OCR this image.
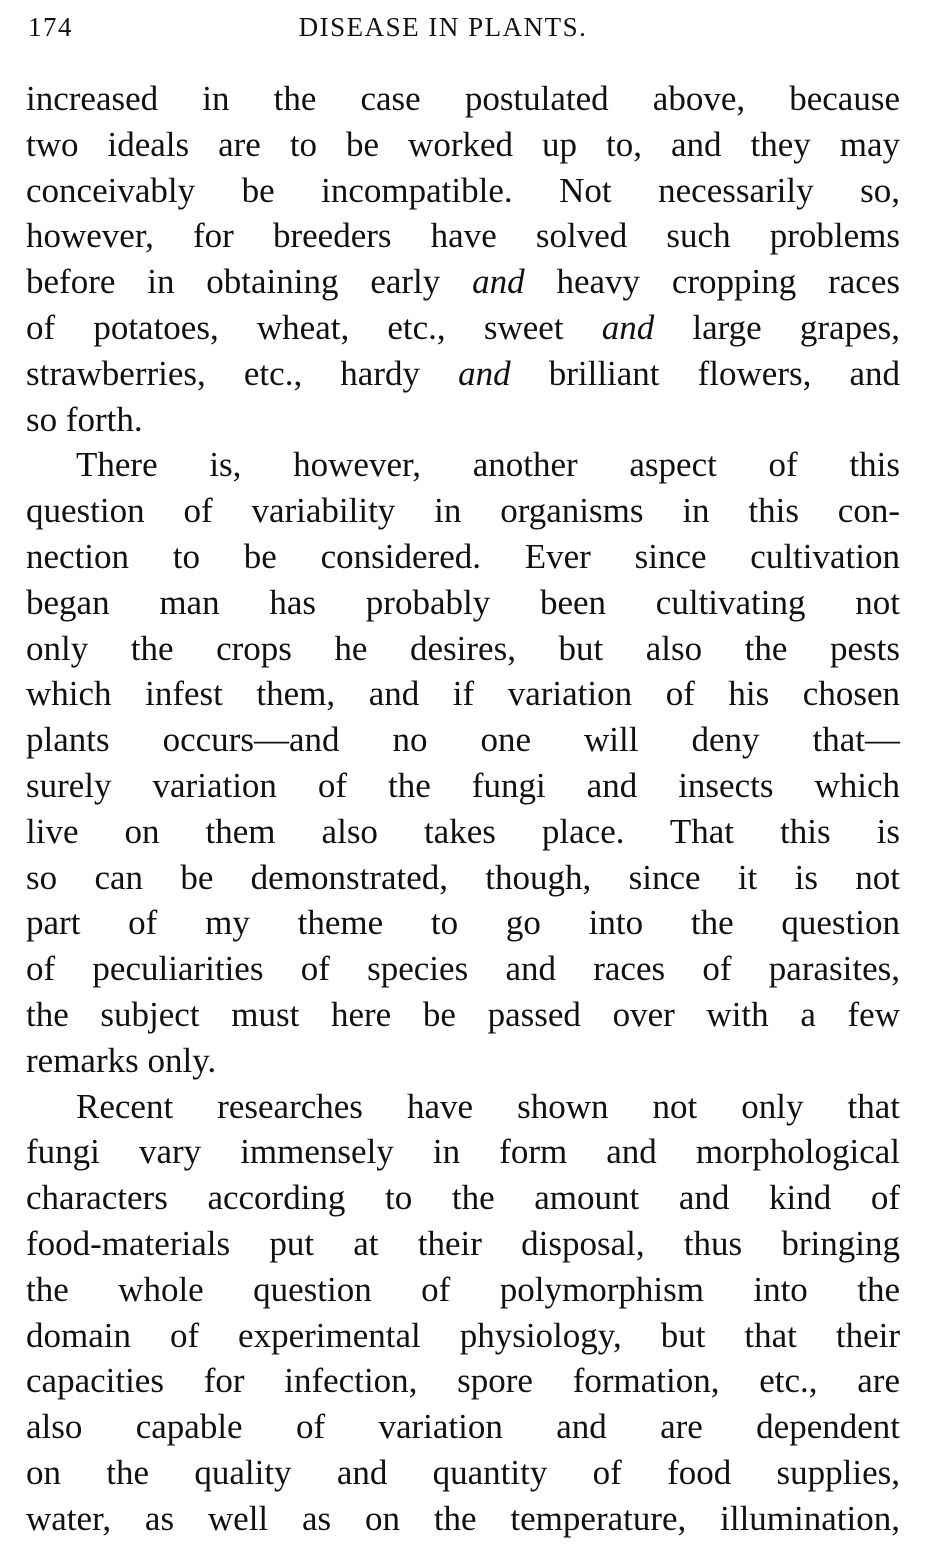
174	DISEASE IN PLANTS.
increased in the case postulated above, because
two ideals are to be worked up to, and they may
conceivably be incompatible. Not necessarily so,
however, for breeders have solved such problems
before in obtaining early and heavy cropping races
of potatoes, wheat, etc., sweet and large grapes,
strawberries, etc., hardy and brilliant flowers, and
so forth.
There is, however, another aspect of this
question of variability in organisms in this con-
nection to be considered. Ever since cultivation
began man has probably been cultivating not
only the crops he desires, but also the pests
which infest them, and if variation of his chosen
plants occurs—and no one will deny that—
surely variation of the fungi and insects which
live on them also takes place. That this is
so can be demonstrated, though, since it is not
part of my theme to go into the question
of peculiarities of species and races of parasites,
the subject must here be passed over with a few
remarks only.
Recent researches have shown not only that
fungi vary immensely in form and morphological
characters according to the amount and kind of
food-materials put at their disposal, thus bringing
the whole question of polymorphism into the
domain of experimental physiology, but that their
capacities for infection, spore formation, etc., are
also capable of variation and are dependent
on the quality and quantity of food supplies,
water, as well as on the temperature, illumination,
